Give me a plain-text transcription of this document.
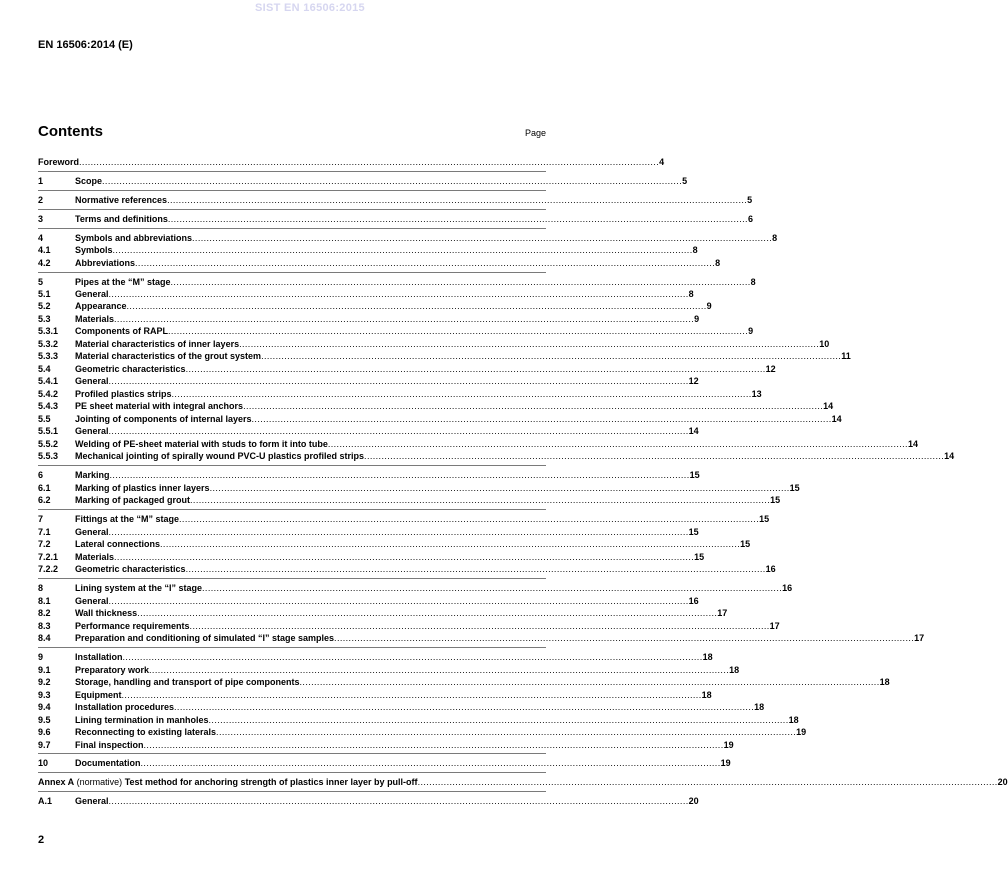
SIST EN 16506:2015
EN 16506:2014 (E)
Contents	Page
Foreword .....	4
1	Scope .....	5
2	Normative references .....	5
3	Terms and definitions .....	6
4	Symbols and abbreviations .....	8
4.1	Symbols .....	8
4.2	Abbreviations .....	8
5	Pipes at the “M” stage .....	8
5.1	General .....	8
5.2	Appearance .....	9
5.3	Materials .....	9
5.3.1	Components of RAPL .....	9
5.3.2	Material characteristics of inner layers .....	10
5.3.3	Material characteristics of the grout system .....	11
5.4	Geometric characteristics .....	12
5.4.1	General .....	12
5.4.2	Profiled plastics strips .....	13
5.4.3	PE sheet material with integral anchors .....	14
5.5	Jointing of components of internal layers .....	14
5.5.1	General .....	14
5.5.2	Welding of PE-sheet material with studs to form it into tube .....	14
5.5.3	Mechanical jointing of spirally wound PVC-U plastics profiled strips .....	14
6	Marking .....	15
6.1	Marking of plastics inner layers .....	15
6.2	Marking of packaged grout .....	15
7	Fittings at the “M” stage .....	15
7.1	General .....	15
7.2	Lateral connections .....	15
7.2.1	Materials .....	15
7.2.2	Geometric characteristics .....	16
8	Lining system at the “I” stage .....	16
8.1	General .....	16
8.2	Wall thickness .....	17
8.3	Performance requirements .....	17
8.4	Preparation and conditioning of simulated “I” stage samples .....	17
9	Installation .....	18
9.1	Preparatory work .....	18
9.2	Storage, handling and transport of pipe components .....	18
9.3	Equipment .....	18
9.4	Installation procedures .....	18
9.5	Lining termination in manholes .....	18
9.6	Reconnecting to existing laterals .....	19
9.7	Final inspection .....	19
10	Documentation .....	19
Annex A (normative) Test method for anchoring strength of plastics inner layer by pull-off .....	20
A.1	General .....	20
2
